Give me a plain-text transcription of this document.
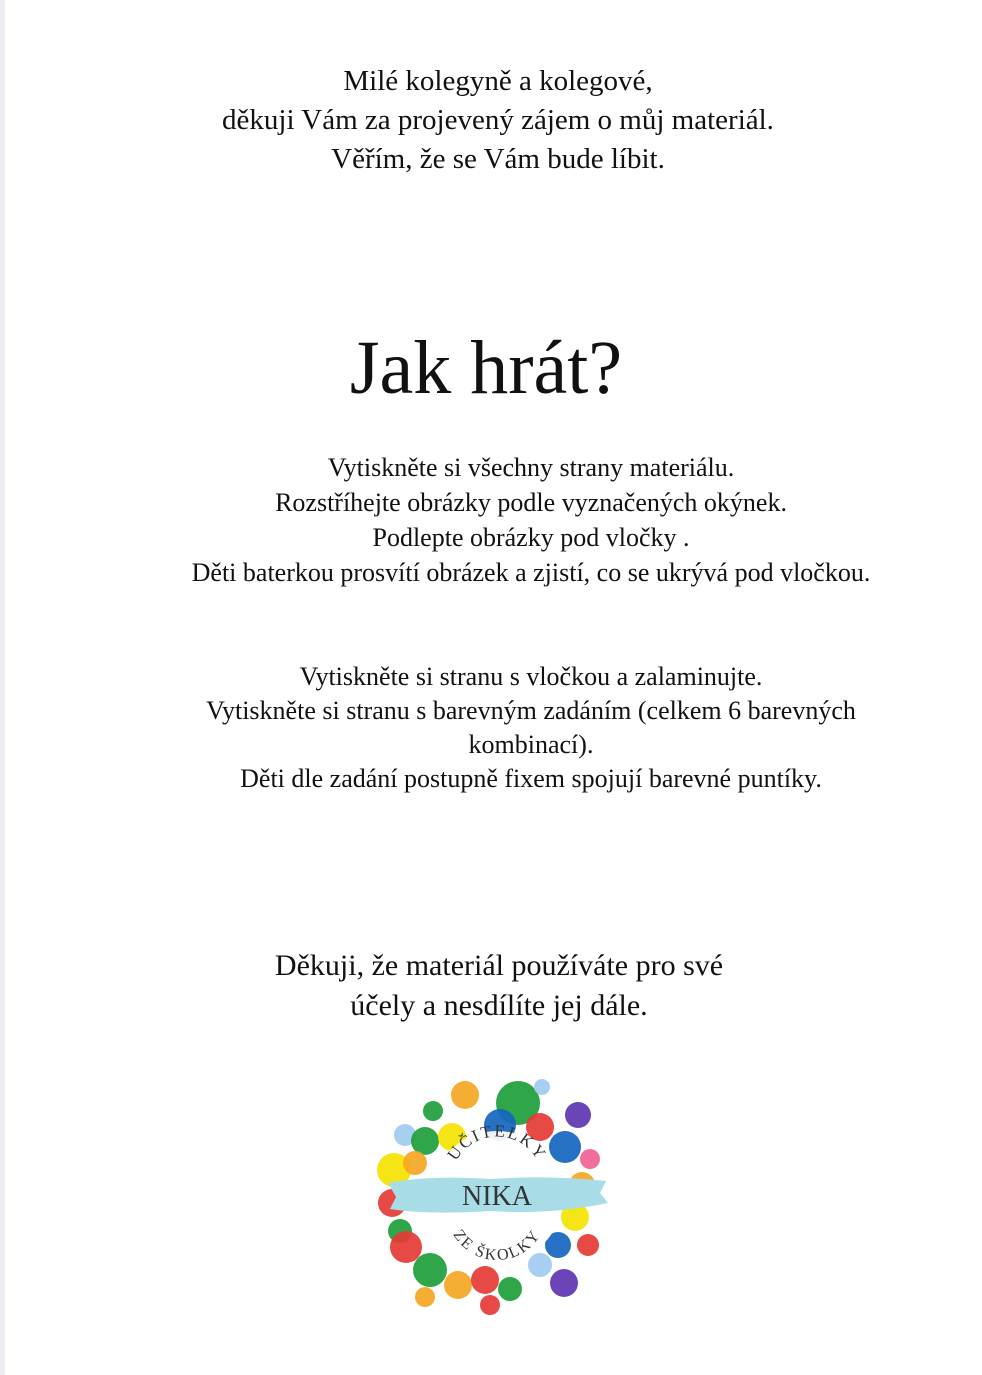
Milé kolegyně a kolegové,
děkuji Vám za projevený zájem o můj materiál.
Věřím, že se Vám bude líbit.
Jak hrát?
Vytiskněte si všechny strany materiálu.
Rozstříhejte obrázky podle vyznačených okýnek.
Podlepte obrázky pod vločky .
Děti baterkou prosvítí obrázek a zjistí, co se ukrývá pod vločkou.
Vytiskněte si stranu s vločkou a zalaminujte.
Vytiskněte si stranu s barevným zadáním (celkem 6 barevných
kombinací).
Děti dle zadání postupně fixem spojují barevné puntíky.
Děkuji, že materiál používáte pro své
účely a nesdílíte jej dále.
UČITELKY
NIKA
ZE ŠKOLKY
